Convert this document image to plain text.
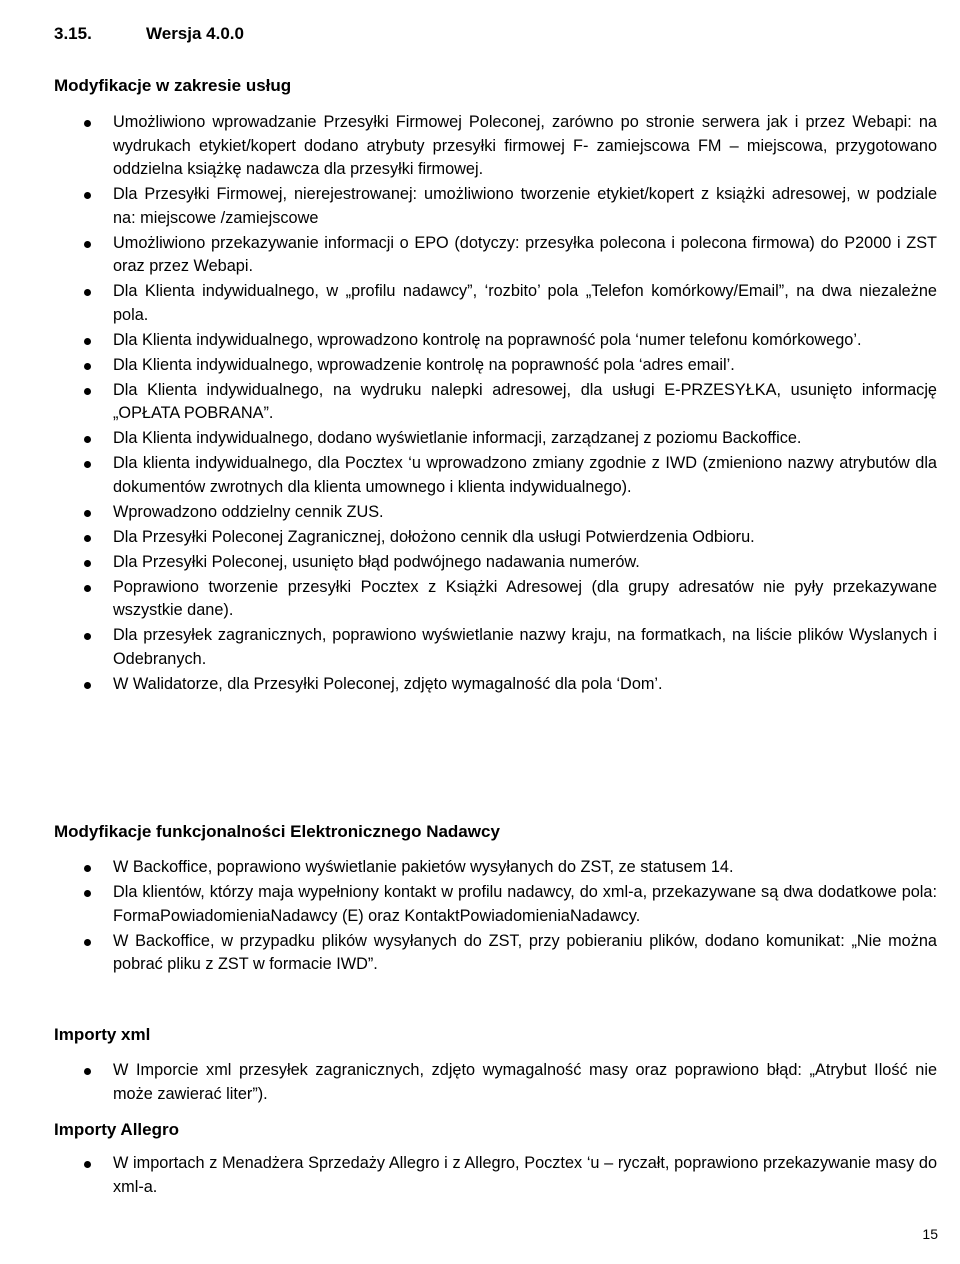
3.15.	Wersja 4.0.0
Modyfikacje w zakresie usług
Umożliwiono wprowadzanie Przesyłki Firmowej Poleconej, zarówno po stronie serwera jak i przez Webapi: na wydrukach etykiet/kopert dodano atrybuty przesyłki firmowej F- zamiejscowa FM – miejscowa, przygotowano oddzielna książkę nadawcza dla przesyłki firmowej.
Dla Przesyłki Firmowej, nierejestrowanej: umożliwiono tworzenie etykiet/kopert z książki adresowej, w podziale na: miejscowe /zamiejscowe
Umożliwiono przekazywanie informacji o EPO (dotyczy: przesyłka polecona i polecona firmowa) do P2000 i ZST oraz przez Webapi.
Dla Klienta indywidualnego, w „profilu nadawcy”, ‘rozbito’ pola „Telefon komórkowy/Email”, na dwa niezależne pola.
Dla Klienta indywidualnego, wprowadzono kontrolę na poprawność pola ‘numer telefonu komórkowego’.
Dla Klienta indywidualnego, wprowadzenie kontrolę na poprawność pola ‘adres email’.
Dla Klienta indywidualnego, na wydruku nalepki adresowej, dla usługi E-PRZESYŁKA, usunięto informację „OPŁATA POBRANA”.
Dla Klienta indywidualnego, dodano wyświetlanie informacji, zarządzanej z poziomu Backoffice.
Dla klienta indywidualnego, dla Pocztex ‘u wprowadzono zmiany zgodnie z IWD (zmieniono nazwy atrybutów dla dokumentów zwrotnych dla klienta umownego i klienta indywidualnego).
Wprowadzono oddzielny cennik ZUS.
Dla Przesyłki Poleconej Zagranicznej, dołożono cennik dla usługi Potwierdzenia Odbioru.
Dla Przesyłki Poleconej, usunięto błąd podwójnego nadawania numerów.
Poprawiono tworzenie przesyłki Pocztex z Książki Adresowej (dla grupy adresatów nie pyły przekazywane wszystkie dane).
Dla przesyłek zagranicznych, poprawiono wyświetlanie nazwy kraju, na formatkach, na liście plików Wyslanych i Odebranych.
W Walidatorze, dla Przesyłki Poleconej, zdjęto wymagalność dla pola ‘Dom’.
Modyfikacje funkcjonalności Elektronicznego Nadawcy
W Backoffice, poprawiono wyświetlanie pakietów wysyłanych do ZST, ze statusem 14.
Dla klientów, którzy maja wypełniony kontakt w profilu nadawcy, do xml-a, przekazywane są dwa dodatkowe pola: FormaPowiadomieniaNadawcy (E) oraz KontaktPowiadomieniaNadawcy.
W Backoffice, w przypadku plików wysyłanych do ZST, przy pobieraniu plików, dodano komunikat: „Nie można pobrać pliku z ZST w formacie IWD”.
Importy xml
W Imporcie xml przesyłek zagranicznych, zdjęto wymagalność masy oraz poprawiono błąd: „Atrybut Ilość nie może zawierać liter”).
Importy Allegro
W importach z Menadżera Sprzedaży Allegro i z Allegro, Pocztex ‘u – ryczałt, poprawiono przekazywanie masy do xml-a.
15
